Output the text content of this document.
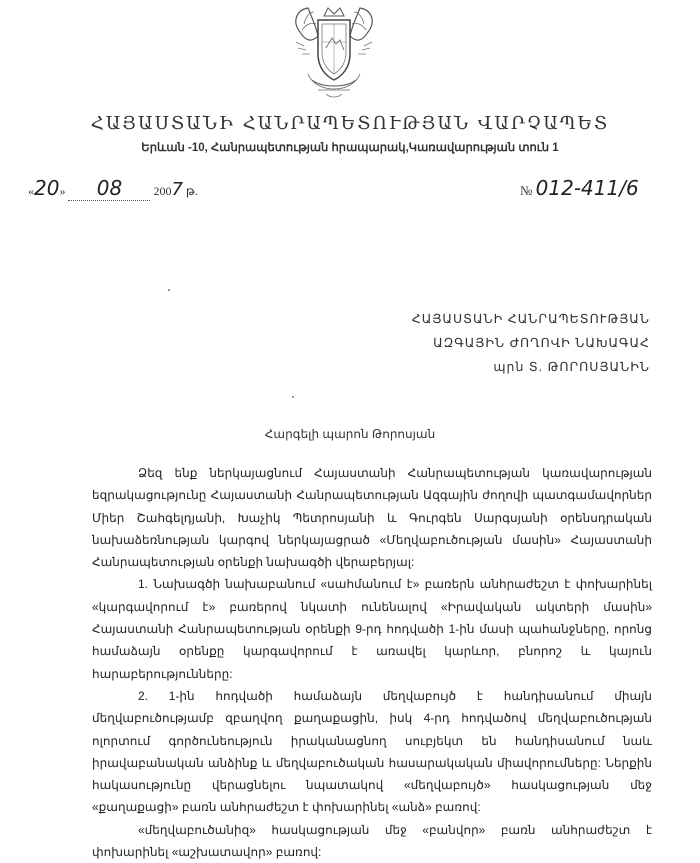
ՀԱՅԱՍՏԱՆԻ ՀԱՆՐԱՊԵՏՈՒԹՅԱՆ ՎԱՐՉԱՊԵՏ
Երևան -10, Հանրապետության հրապարակ,Կառավարության տուն 1
«20» 08	2007 թ.	№ 012-411/6
ՀԱՅԱՍՏԱՆԻ ՀԱՆՐԱՊԵՏՈՒԹՅԱՆ
ԱԶԳԱՅԻՆ ԺՈՂՈՎԻ ՆԱԽԱԳԱՀ
պրն Տ. ԹՈՐՈՍՅԱՆԻՆ
Հարգելի պարոն Թորոսյան

Ձեզ ենք ներկայացնում Հայաստանի Հանրապետության կառավարության եզրակացությունը Հայաստանի Հանրապետության Ազգային ժողովի պատգամավորներ Միեր Շահգելդյանի, Խաչիկ Պետրոսյանի և Գուրգեն Սարգսյանի օրենսդրական նախաձեռնության կարգով ներկայացրած «Մեղվաբուծության մասին» Հայաստանի Հանրապետության օրենքի նախագծի վերաբերյալ:

1. Նախագծի նախաբանում «սահմանում է» բառերն անհրաժեշտ է փոխարինել «կարգավորում է» բառերով նկատի ունենալով «Իրավական ակտերի մասին» Հայաստանի Հանրապետության օրենքի 9-րդ հոդվածի 1-ին մասի պահանջները, որոնց համաձայն օրենքը կարգավորում է առավել կարևոր, բնորոշ և կայուն հարաբերությունները:

2. 1-ին հոդվածի համաձայն մեղվաբույծ է հանդիսանում միայն մեղվաբուծությամբ զբաղվող քաղաքացին, իսկ 4-րդ հոդվածով մեղվաբուծության ոլորտում գործունեություն իրականացնող սուբյեկտ են հանդիսանում նաև իրավաբանական անձինք և մեղվաբուծական հասարակական միավորումները: Ներքին հակասությունը վերացնելու նպատակով «մեղվաբույծ» հասկացության մեջ «քաղաքացի» բառն անհրաժեշտ է փոխարինել «անձ» բառով:

«մեղվաբուծանիզ» հասկացության մեջ «բանվոր» բառն անհրաժեշտ է փոխարինել «աշխատավոր» բառով:
